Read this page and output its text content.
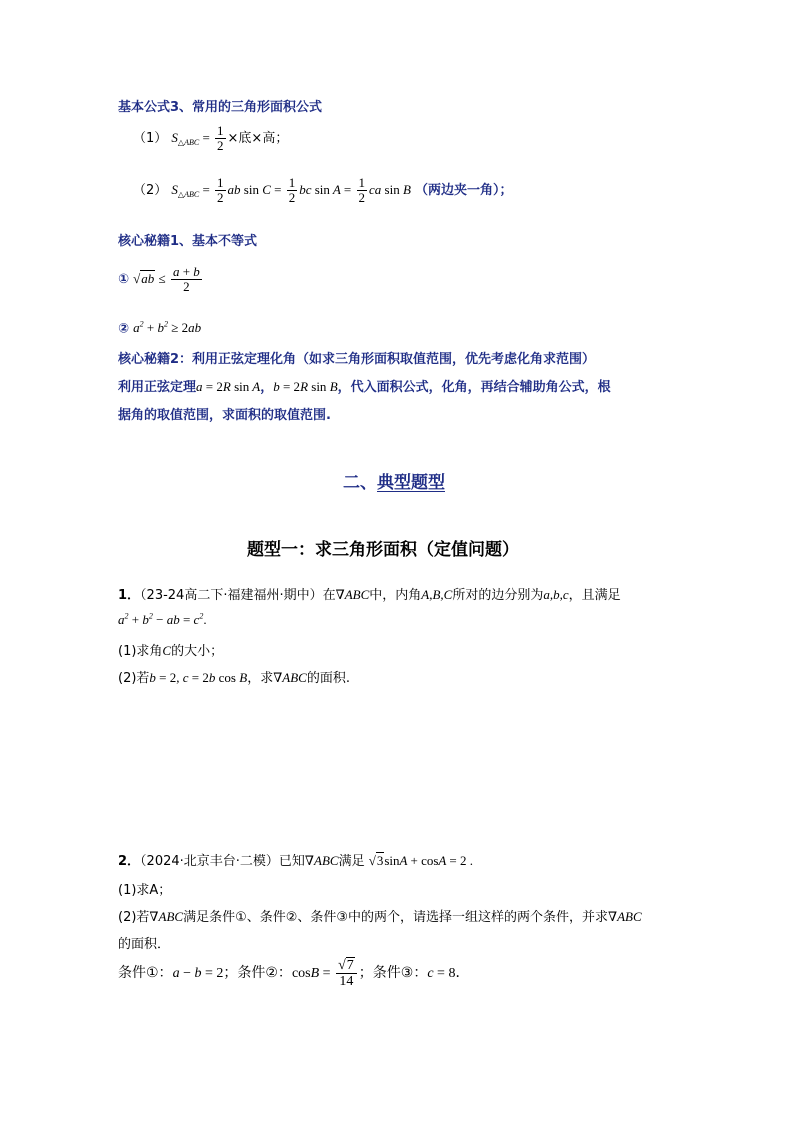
基本公式3、常用的三角形面积公式
（1） $S_{\triangle ABC} = \frac{1}{2}$ ×底×高；
（2） $S_{\triangle ABC} = \frac{1}{2}$ ab $\sin C = \frac{1}{2}$ bc $\sin A = \frac{1}{2}$ ca sin B （两边夹一角）；
核心秘籍1、基本不等式
① $√ab \le \frac{a + b}{2}$
② $a^2 + b^2 \ge 2ab$
核心秘籍2：利用正弦定理化角（如求三角形面积取值范围，优先考虑化角求范围）
利用正弦定理a = 2R sin A，b = 2R sin B，代入面积公式，化角，再结合辅助角公式，根
据角的取值范围，求面积的取值范围.
二、典型题型
题型一：求三角形面积（定值问题）
1．（23-24高二下·福建福州·期中）在∇ABC中，内角A,B,C所对的边分别为a,b,c，且满足
$a^2 + b^2$ − ab = $c^2$.
(1)求角C的大小；
(2)若b = 2, c = 2b cos B，求∇ABC的面积.
2．（2024·北京丰台·二模）已知∇ABC满足 √3sinA + cosA = 2 .
(1)求A；
(2)若∇ABC满足条件①、条件②、条件③中的两个，请选择一组这样的两个条件，并求∇ABC
的面积．
条件①：a − b = 2；条件②：$\cos B = \frac{√7}{14}$ ；条件③：c = 8．
